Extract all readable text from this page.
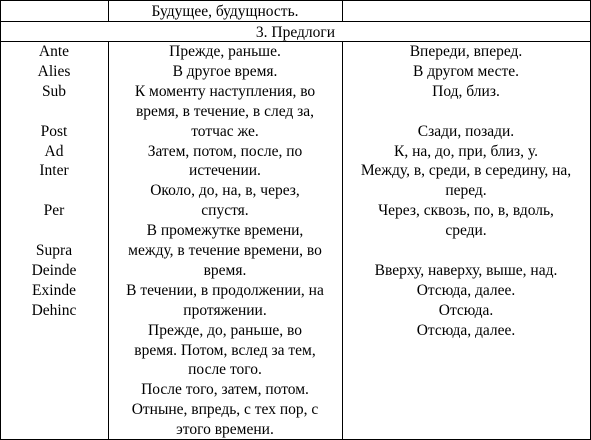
Будущее, будущность.
3. Предлоги
Ante
Alies
Sub
Post
Ad
Inter
Per
Supra
Deinde
Exinde
Dehinc
Прежде, раньше.
В другое время.
К моменту наступления, во
время, в течение, в след за,
тотчас же.
Затем, потом, после, по
истечении.
Около, до, на, в, через,
спустя.
В промежутке времени,
между, в течение времени, во
время.
В течении, в продолжении, на
протяжении.
Прежде, до, раньше, во
время. Потом, вслед за тем,
после того.
После того, затем, потом.
Отныне, впредь, с тех пор, с
этого времени.
Впереди, вперед.
В другом месте.
Под, близ.
Сзади, позади.
К, на, до, при, близ, у.
Между, в, среди, в середину, на,
перед.
Через, сквозь, по, в, вдоль,
среди.
Вверху, наверху, выше, над.
Отсюда, далее.
Отсюда.
Отсюда, далее.
